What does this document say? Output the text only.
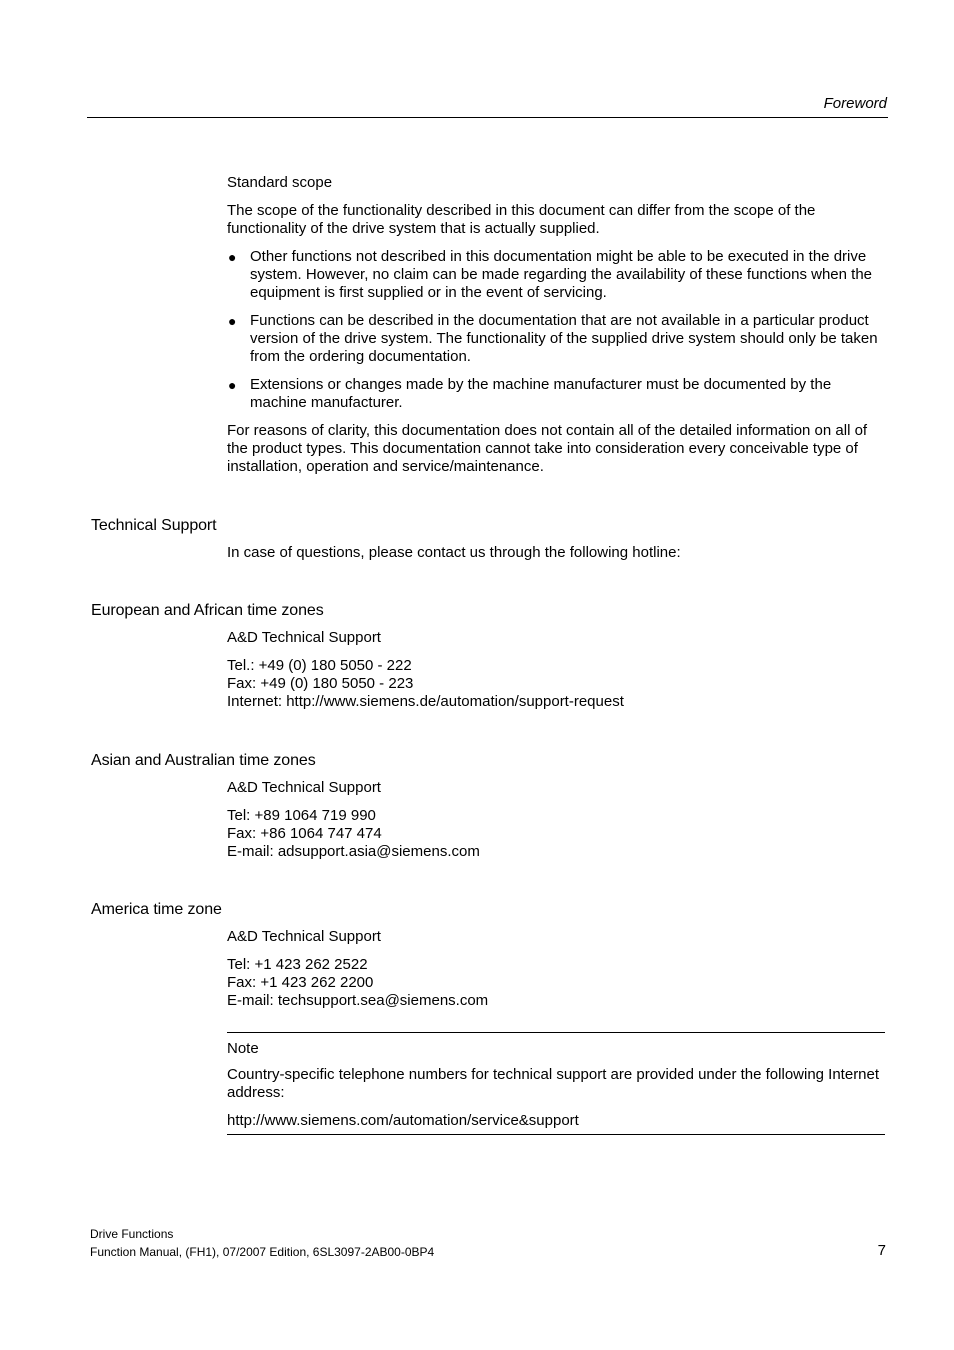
Foreword

Standard scope

The scope of the functionality described in this document can differ from the scope of the functionality of the drive system that is actually supplied.

● Other functions not described in this documentation might be able to be executed in the drive system. However, no claim can be made regarding the availability of these functions when the equipment is first supplied or in the event of servicing.
● Functions can be described in the documentation that are not available in a particular product version of the drive system. The functionality of the supplied drive system should only be taken from the ordering documentation.
● Extensions or changes made by the machine manufacturer must be documented by the machine manufacturer.

For reasons of clarity, this documentation does not contain all of the detailed information on all of the product types. This documentation cannot take into consideration every conceivable type of installation, operation and service/maintenance.

Technical Support

In case of questions, please contact us through the following hotline:

European and African time zones

A&D Technical Support

Tel.: +49 (0) 180 5050 - 222
Fax: +49 (0) 180 5050 - 223
Internet: http://www.siemens.de/automation/support-request
Asian and Australian time zones

A&D Technical Support

Tel: +89 1064 719 990
Fax: +86 1064 747 474
E-mail: adsupport.asia@siemens.com
America time zone

A&D Technical Support

Tel: +1 423 262 2522
Fax: +1 423 262 2200
E-mail: techsupport.sea@siemens.com
Note
Country-specific telephone numbers for technical support are provided under the following Internet address:
http://www.siemens.com/automation/service&support
Drive Functions
Function Manual, (FH1), 07/2007 Edition, 6SL3097-2AB00-0BP4	7
